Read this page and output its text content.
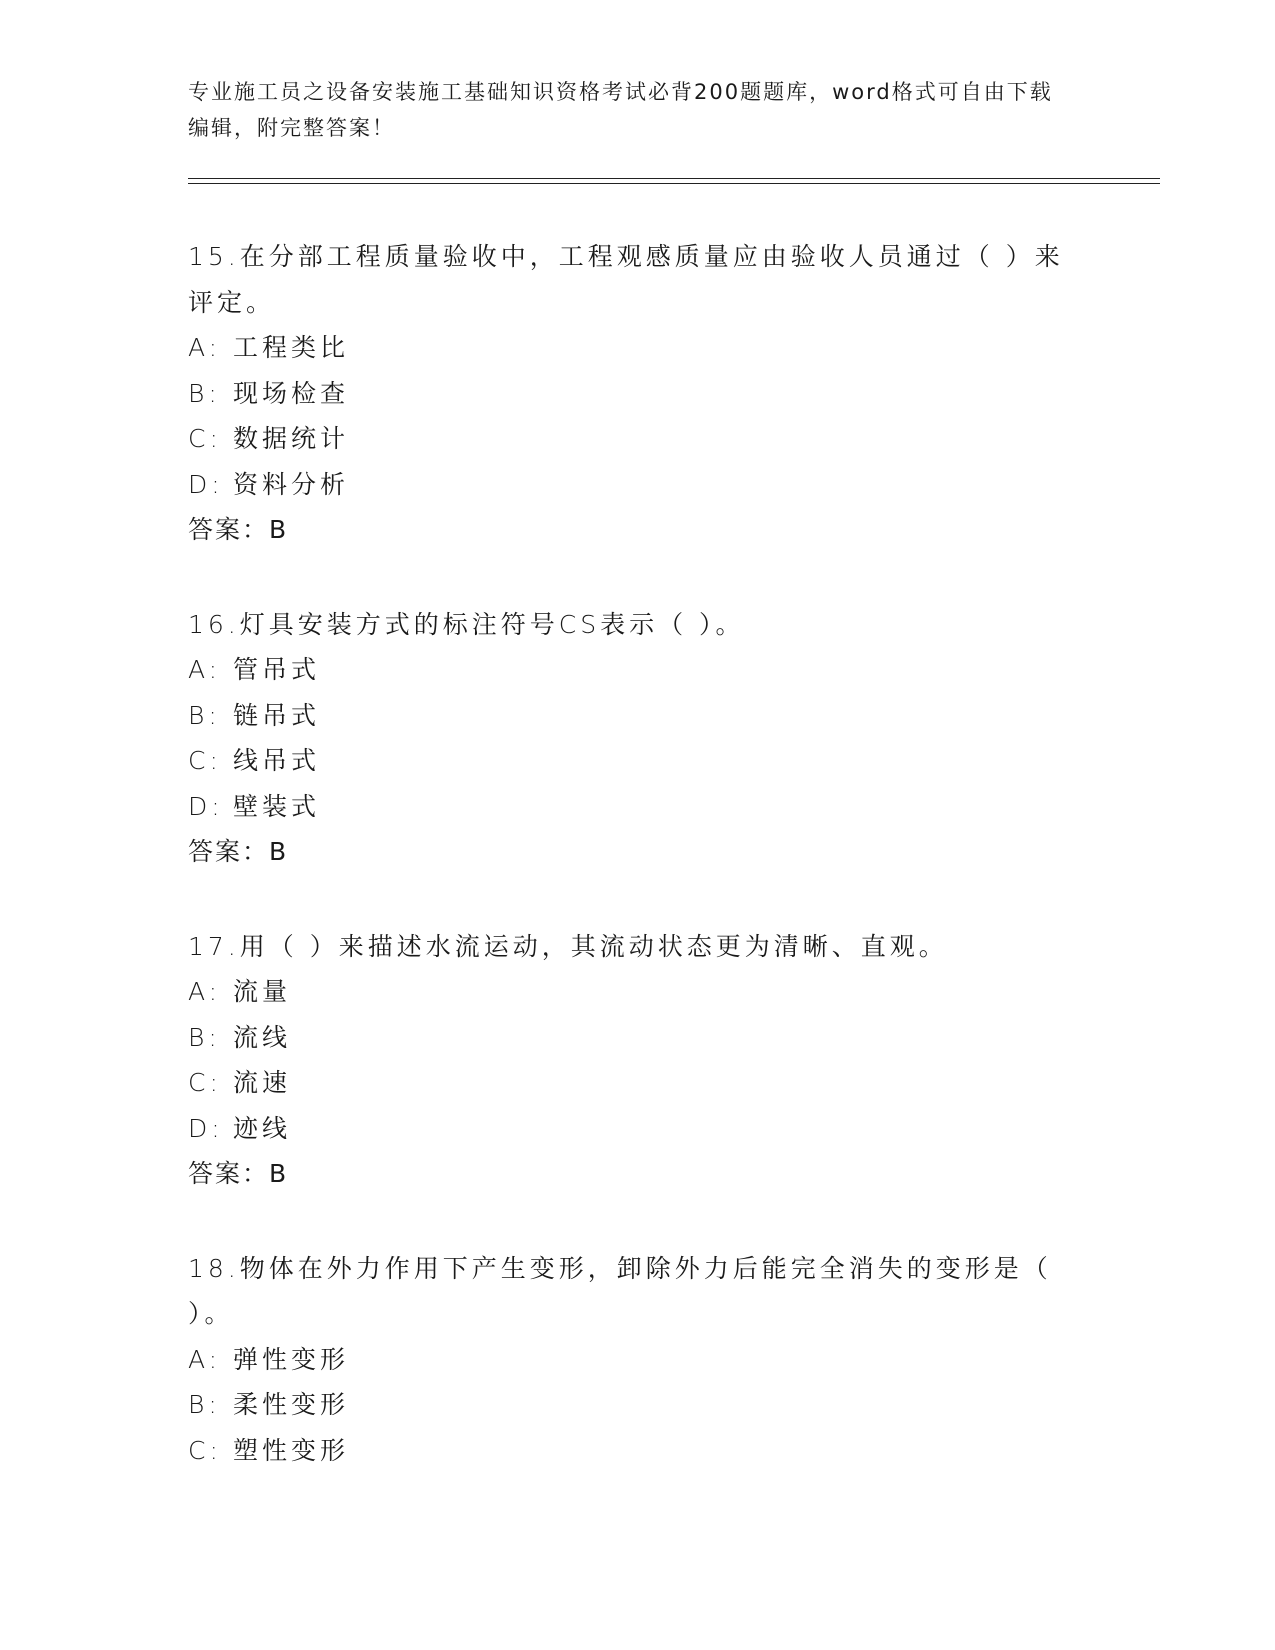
专业施工员之设备安装施工基础知识资格考试必背200题题库，word格式可自由下载编辑，附完整答案！
15.在分部工程质量验收中，工程观感质量应由验收人员通过（ ）来评定。
A: 工程类比
B: 现场检查
C: 数据统计
D: 资料分析
答案：B
16.灯具安装方式的标注符号CS表示（ ）。
A: 管吊式
B: 链吊式
C: 线吊式
D: 壁装式
答案：B
17.用（ ）来描述水流运动，其流动状态更为清晰、直观。
A: 流量
B: 流线
C: 流速
D: 迹线
答案：B
18.物体在外力作用下产生变形，卸除外力后能完全消失的变形是（ ）。
A: 弹性变形
B: 柔性变形
C: 塑性变形
